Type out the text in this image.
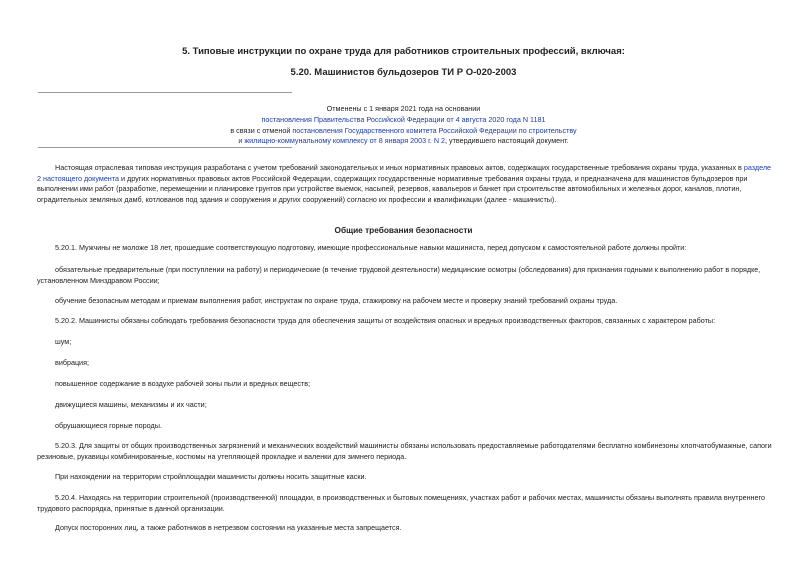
5. Типовые инструкции по охране труда для работников строительных профессий, включая:
5.20. Машинистов бульдозеров ТИ Р О-020-2003
Отменены с 1 января 2021 года на основании
постановления Правительства Российской Федерации от 4 августа 2020 года N 1181
в связи с отменой постановления Государственного комитета Российской Федерации по строительству
и жилищно-коммунальному комплексу от 8 января 2003 г. N 2, утвердившего настоящий документ.
Настоящая отраслевая типовая инструкция разработана с учетом требований законодательных и иных нормативных правовых актов, содержащих государственные требования охраны труда, указанных в разделе 2 настоящего документа и других нормативных правовых актов Российской Федерации, содержащих государственные нормативные требования охраны труда, и предназначена для машинистов бульдозеров при выполнении ими работ (разработке, перемещении и планировке грунтов при устройстве выемок, насыпей, резервов, кавальеров и банкет при строительстве автомобильных и железных дорог, каналов, плотин, оградительных земляных дамб, котлованов под здания и сооружения и других сооружений) согласно их профессии и квалификации (далее - машинисты).
Общие требования безопасности
5.20.1. Мужчины не моложе 18 лет, прошедшие соответствующую подготовку, имеющие профессиональные навыки машиниста, перед допуском к самостоятельной работе должны пройти:
обязательные предварительные (при поступлении на работу) и периодические (в течение трудовой деятельности) медицинские осмотры (обследования) для признания годными к выполнению работ в порядке, установленном Минздравом России;
обучение безопасным методам и приемам выполнения работ, инструктаж по охране труда, стажировку на рабочем месте и проверку знаний требований охраны труда.
5.20.2. Машинисты обязаны соблюдать требования безопасности труда для обеспечения защиты от воздействия опасных и вредных производственных факторов, связанных с характером работы:
шум;
вибрация;
повышенное содержание в воздухе рабочей зоны пыли и вредных веществ;
движущиеся машины, механизмы и их части;
обрушающиеся горные породы.
5.20.3. Для защиты от общих производственных загрязнений и механических воздействий машинисты обязаны использовать предоставляемые работодателями бесплатно комбинезоны хлопчатобумажные, сапоги резиновые, рукавицы комбинированные, костюмы на утепляющей прокладке и валенки для зимнего периода.
При нахождении на территории стройплощадки машинисты должны носить защитные каски.
5.20.4. Находясь на территории строительной (производственной) площадки, в производственных и бытовых помещениях, участках работ и рабочих местах, машинисты обязаны выполнять правила внутреннего трудового распорядка, принятые в данной организации.
Допуск посторонних лиц, а также работников в нетрезвом состоянии на указанные места запрещается.
